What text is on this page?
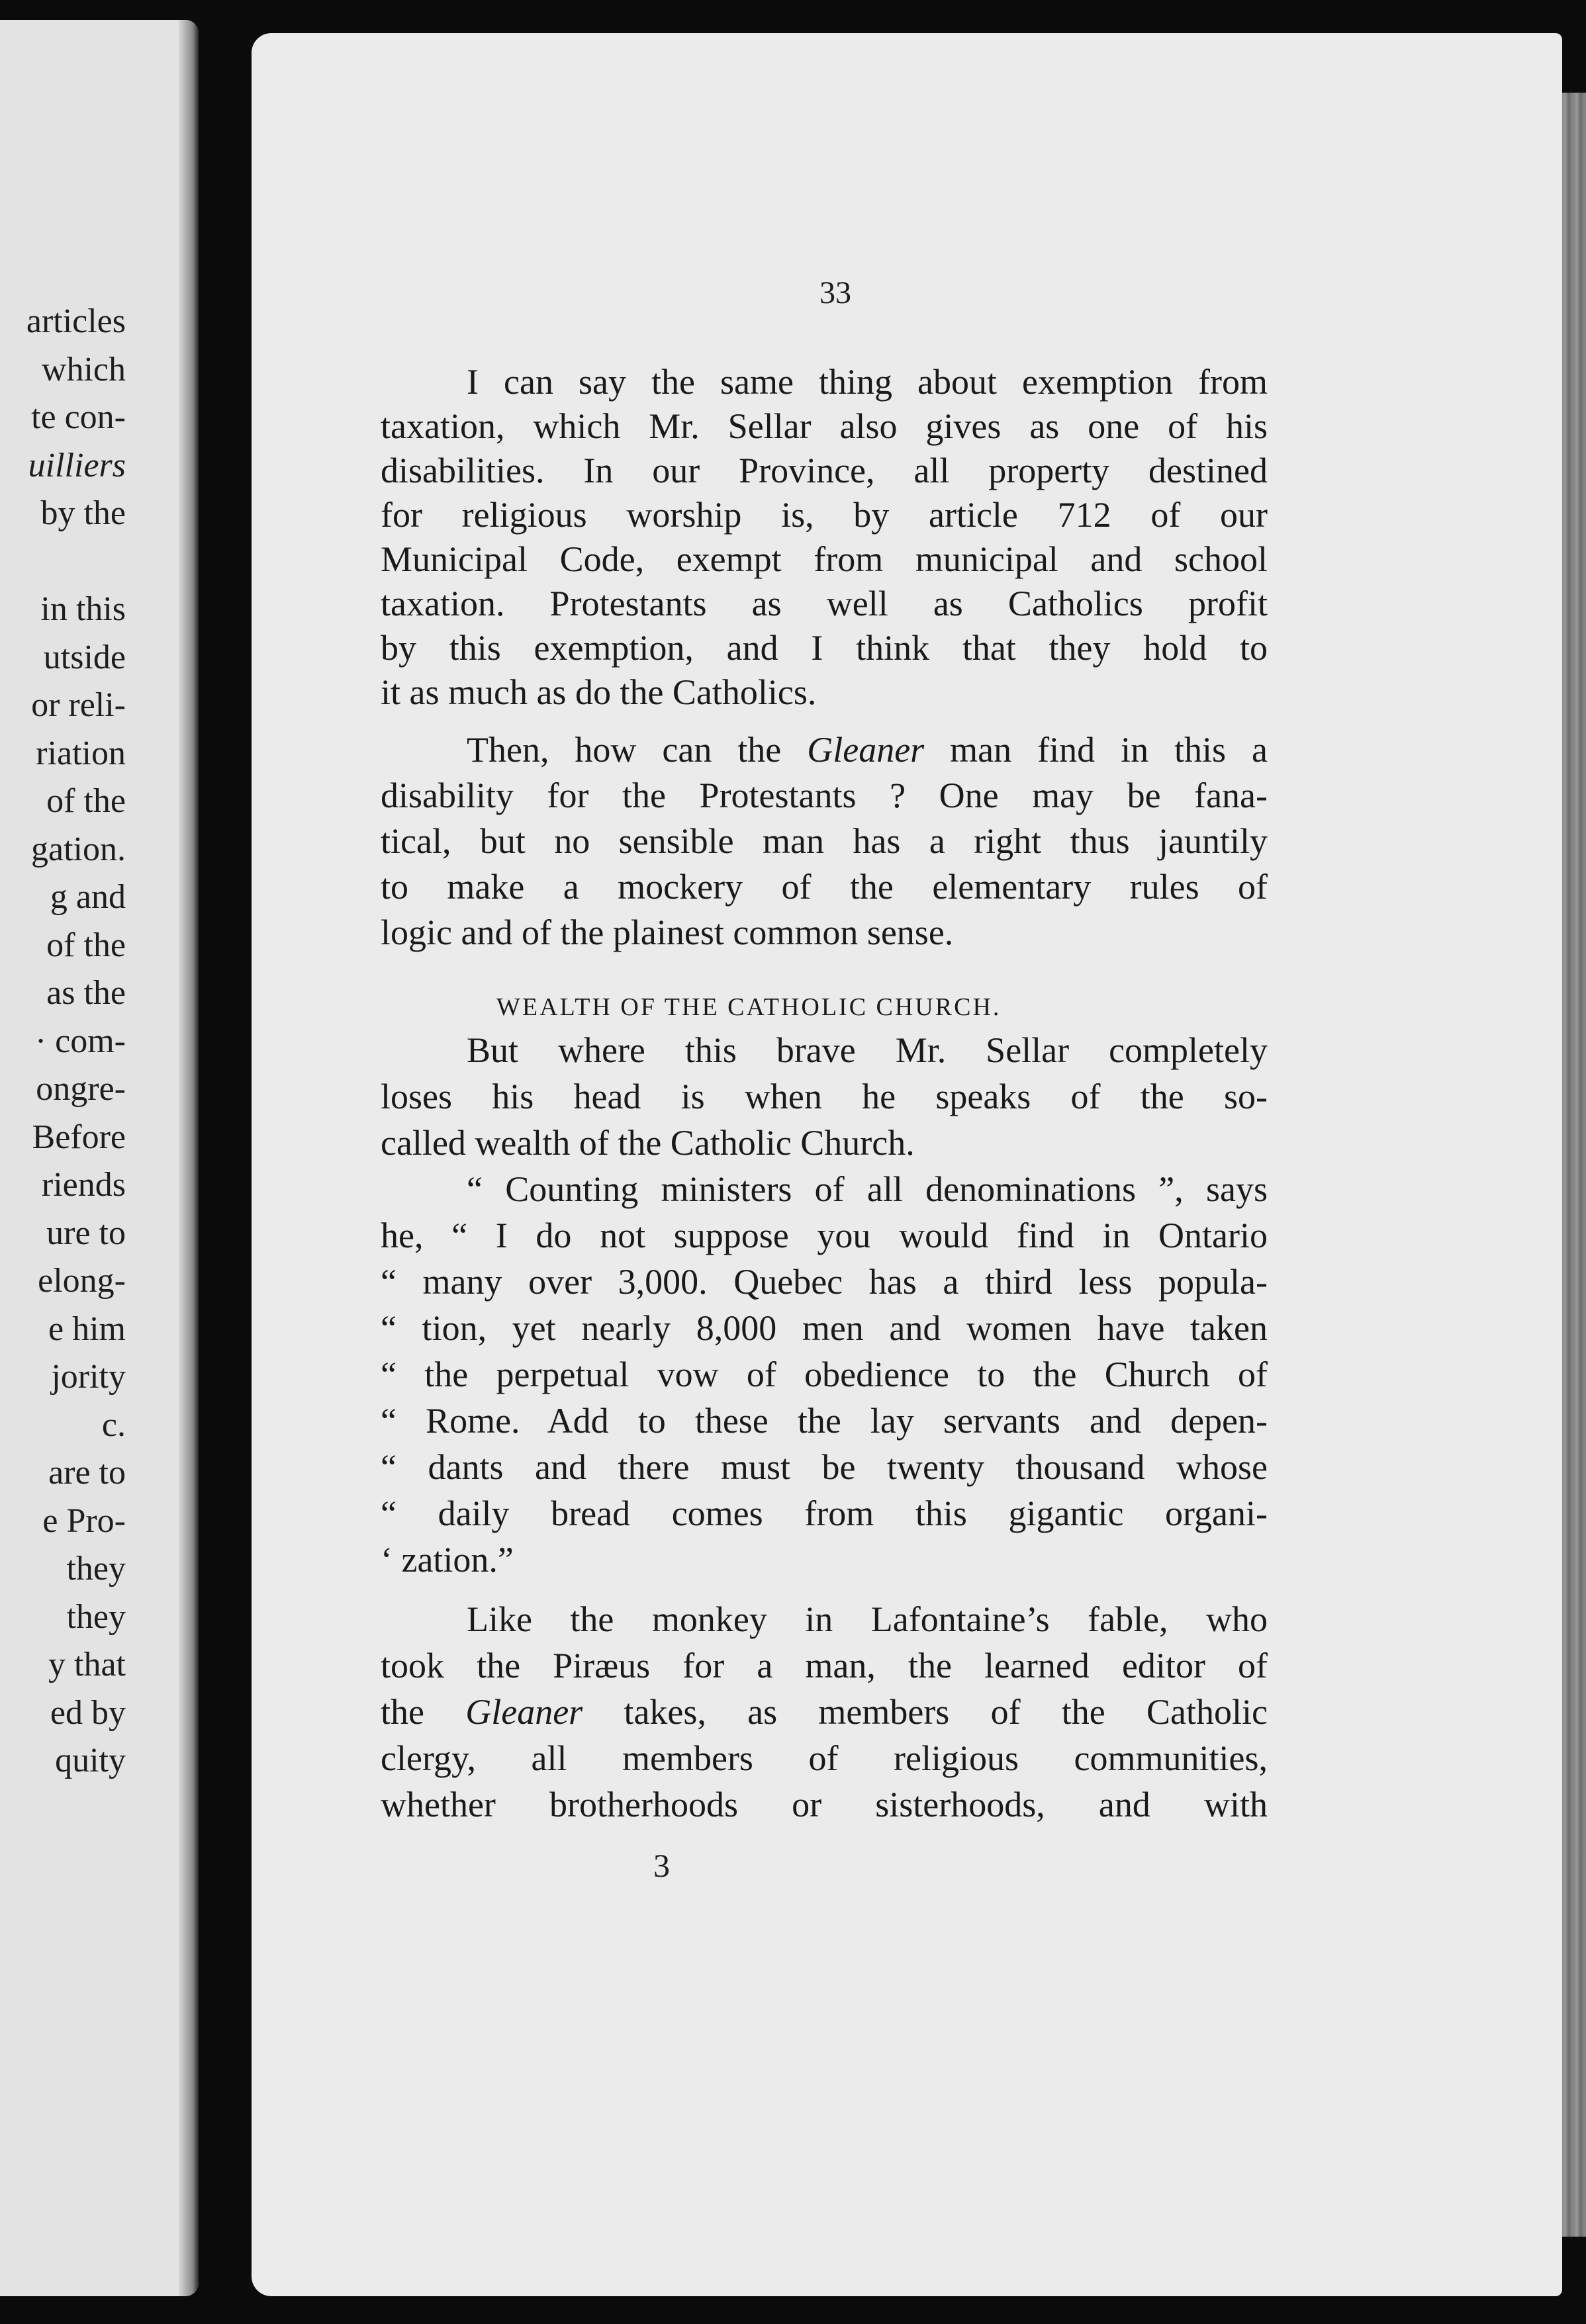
articles
which
te con-
uilliers
by the
in this
utside
or reli-
riation
of the
gation.
g and
of the
as the
· com-
ongre-
Before
riends
ure to
elong-
e him
jority
c.
are to
e Pro-
they
they
y that
ed by
quity
33
I can say the same thing about exemption from
taxation, which Mr. Sellar also gives as one of his
disabilities. In our Province, all property destined
for religious worship is, by article 712 of our
Municipal Code, exempt from municipal and school
taxation. Protestants as well as Catholics profit
by this exemption, and I think that they hold to
it as much as do the Catholics.
Then, how can the Gleaner man find in this a
disability for the Protestants ? One may be fana-
tical, but no sensible man has a right thus jauntily
to make a mockery of the elementary rules of
logic and of the plainest common sense.
WEALTH OF THE CATHOLIC CHURCH.
But where this brave Mr. Sellar completely
loses his head is when he speaks of the so-
called wealth of the Catholic Church.
“ Counting ministers of all denominations ”, says
he, “ I do not suppose you would find in Ontario
“ many over 3,000. Quebec has a third less popula-
“ tion, yet nearly 8,000 men and women have taken
“ the perpetual vow of obedience to the Church of
“ Rome. Add to these the lay servants and depen-
“ dants and there must be twenty thousand whose
“ daily bread comes from this gigantic organi-
‘ zation.”
Like the monkey in Lafontaine’s fable, who
took the Piræus for a man, the learned editor of
the Gleaner takes, as members of the Catholic
clergy, all members of religious communities,
whether brotherhoods or sisterhoods, and with
3
